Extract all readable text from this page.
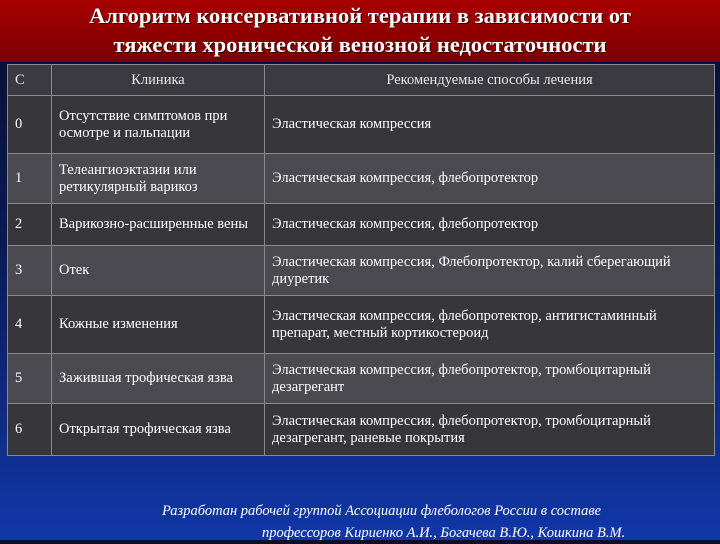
Алгоритм консервативной терапии в зависимости от
тяжести хронической венозной недостаточности
С	Клиника	Рекомендуемые способы лечения
0	Отсутствие симптомов при осмотре и пальпации	Эластическая компрессия
1	Телеангиоэктазии или ретикулярный варикоз	Эластическая компрессия, флебопротектор
2	Варикозно-расширенные вены	Эластическая компрессия, флебопротектор
3	Отек	Эластическая компрессия, Флебопротектор, калий сберегающий диуретик
4	Кожные изменения	Эластическая компрессия, флебопротектор, антигистаминный препарат, местный кортикостероид
5	Зажившая трофическая язва	Эластическая компрессия, флебопротектор, тромбоцитарный дезагрегант
6	Открытая трофическая язва	Эластическая компрессия, флебопротектор, тромбоцитарный дезагрегант, раневые покрытия
Разработан рабочей группой Ассоциации флебологов России в составе
профессоров Кириенко А.И., Богачева В.Ю., Кошкина В.М.
